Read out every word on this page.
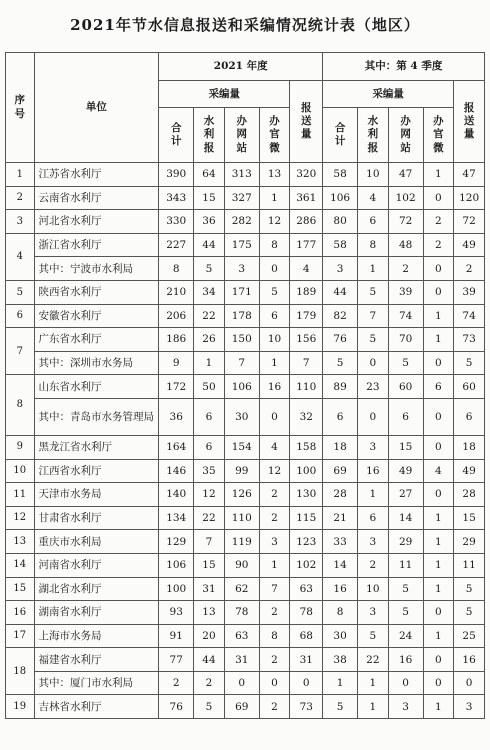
2021年节水信息报送和采编情况统计表（地区）
序号	单位	2021 年度					其中：第 4 季度				
		采编量				报送量	采编量				报送量
		合计	水利报	办网站	办官微		合计	水利报	办网站	办官微	
1	江苏省水利厅	390	64	313	13	320	58	10	47	1	47
2	云南省水利厅	343	15	327	1	361	106	4	102	0	120
3	河北省水利厅	330	36	282	12	286	80	6	72	2	72
4	浙江省水利厅	227	44	175	8	177	58	8	48	2	49
	其中：宁波市水利局	8	5	3	0	4	3	1	2	0	2
5	陕西省水利厅	210	34	171	5	189	44	5	39	0	39
6	安徽省水利厅	206	22	178	6	179	82	7	74	1	74
7	广东省水利厅	186	26	150	10	156	76	5	70	1	73
	其中：深圳市水务局	9	1	7	1	7	5	0	5	0	5
8	山东省水利厅	172	50	106	16	110	89	23	60	6	60
	其中：青岛市水务管理局	36	6	30	0	32	6	0	6	0	6
9	黑龙江省水利厅	164	6	154	4	158	18	3	15	0	18
10	江西省水利厅	146	35	99	12	100	69	16	49	4	49
11	天津市水务局	140	12	126	2	130	28	1	27	0	28
12	甘肃省水利厅	134	22	110	2	115	21	6	14	1	15
13	重庆市水利局	129	7	119	3	123	33	3	29	1	29
14	河南省水利厅	106	15	90	1	102	14	2	11	1	11
15	湖北省水利厅	100	31	62	7	63	16	10	5	1	5
16	湖南省水利厅	93	13	78	2	78	8	3	5	0	5
17	上海市水务局	91	20	63	8	68	30	5	24	1	25
18	福建省水利厅	77	44	31	2	31	38	22	16	0	16
	其中：厦门市水利局	2	2	0	0	0	1	1	0	0	0
19	吉林省水利厅	76	5	69	2	73	5	1	3	1	3
